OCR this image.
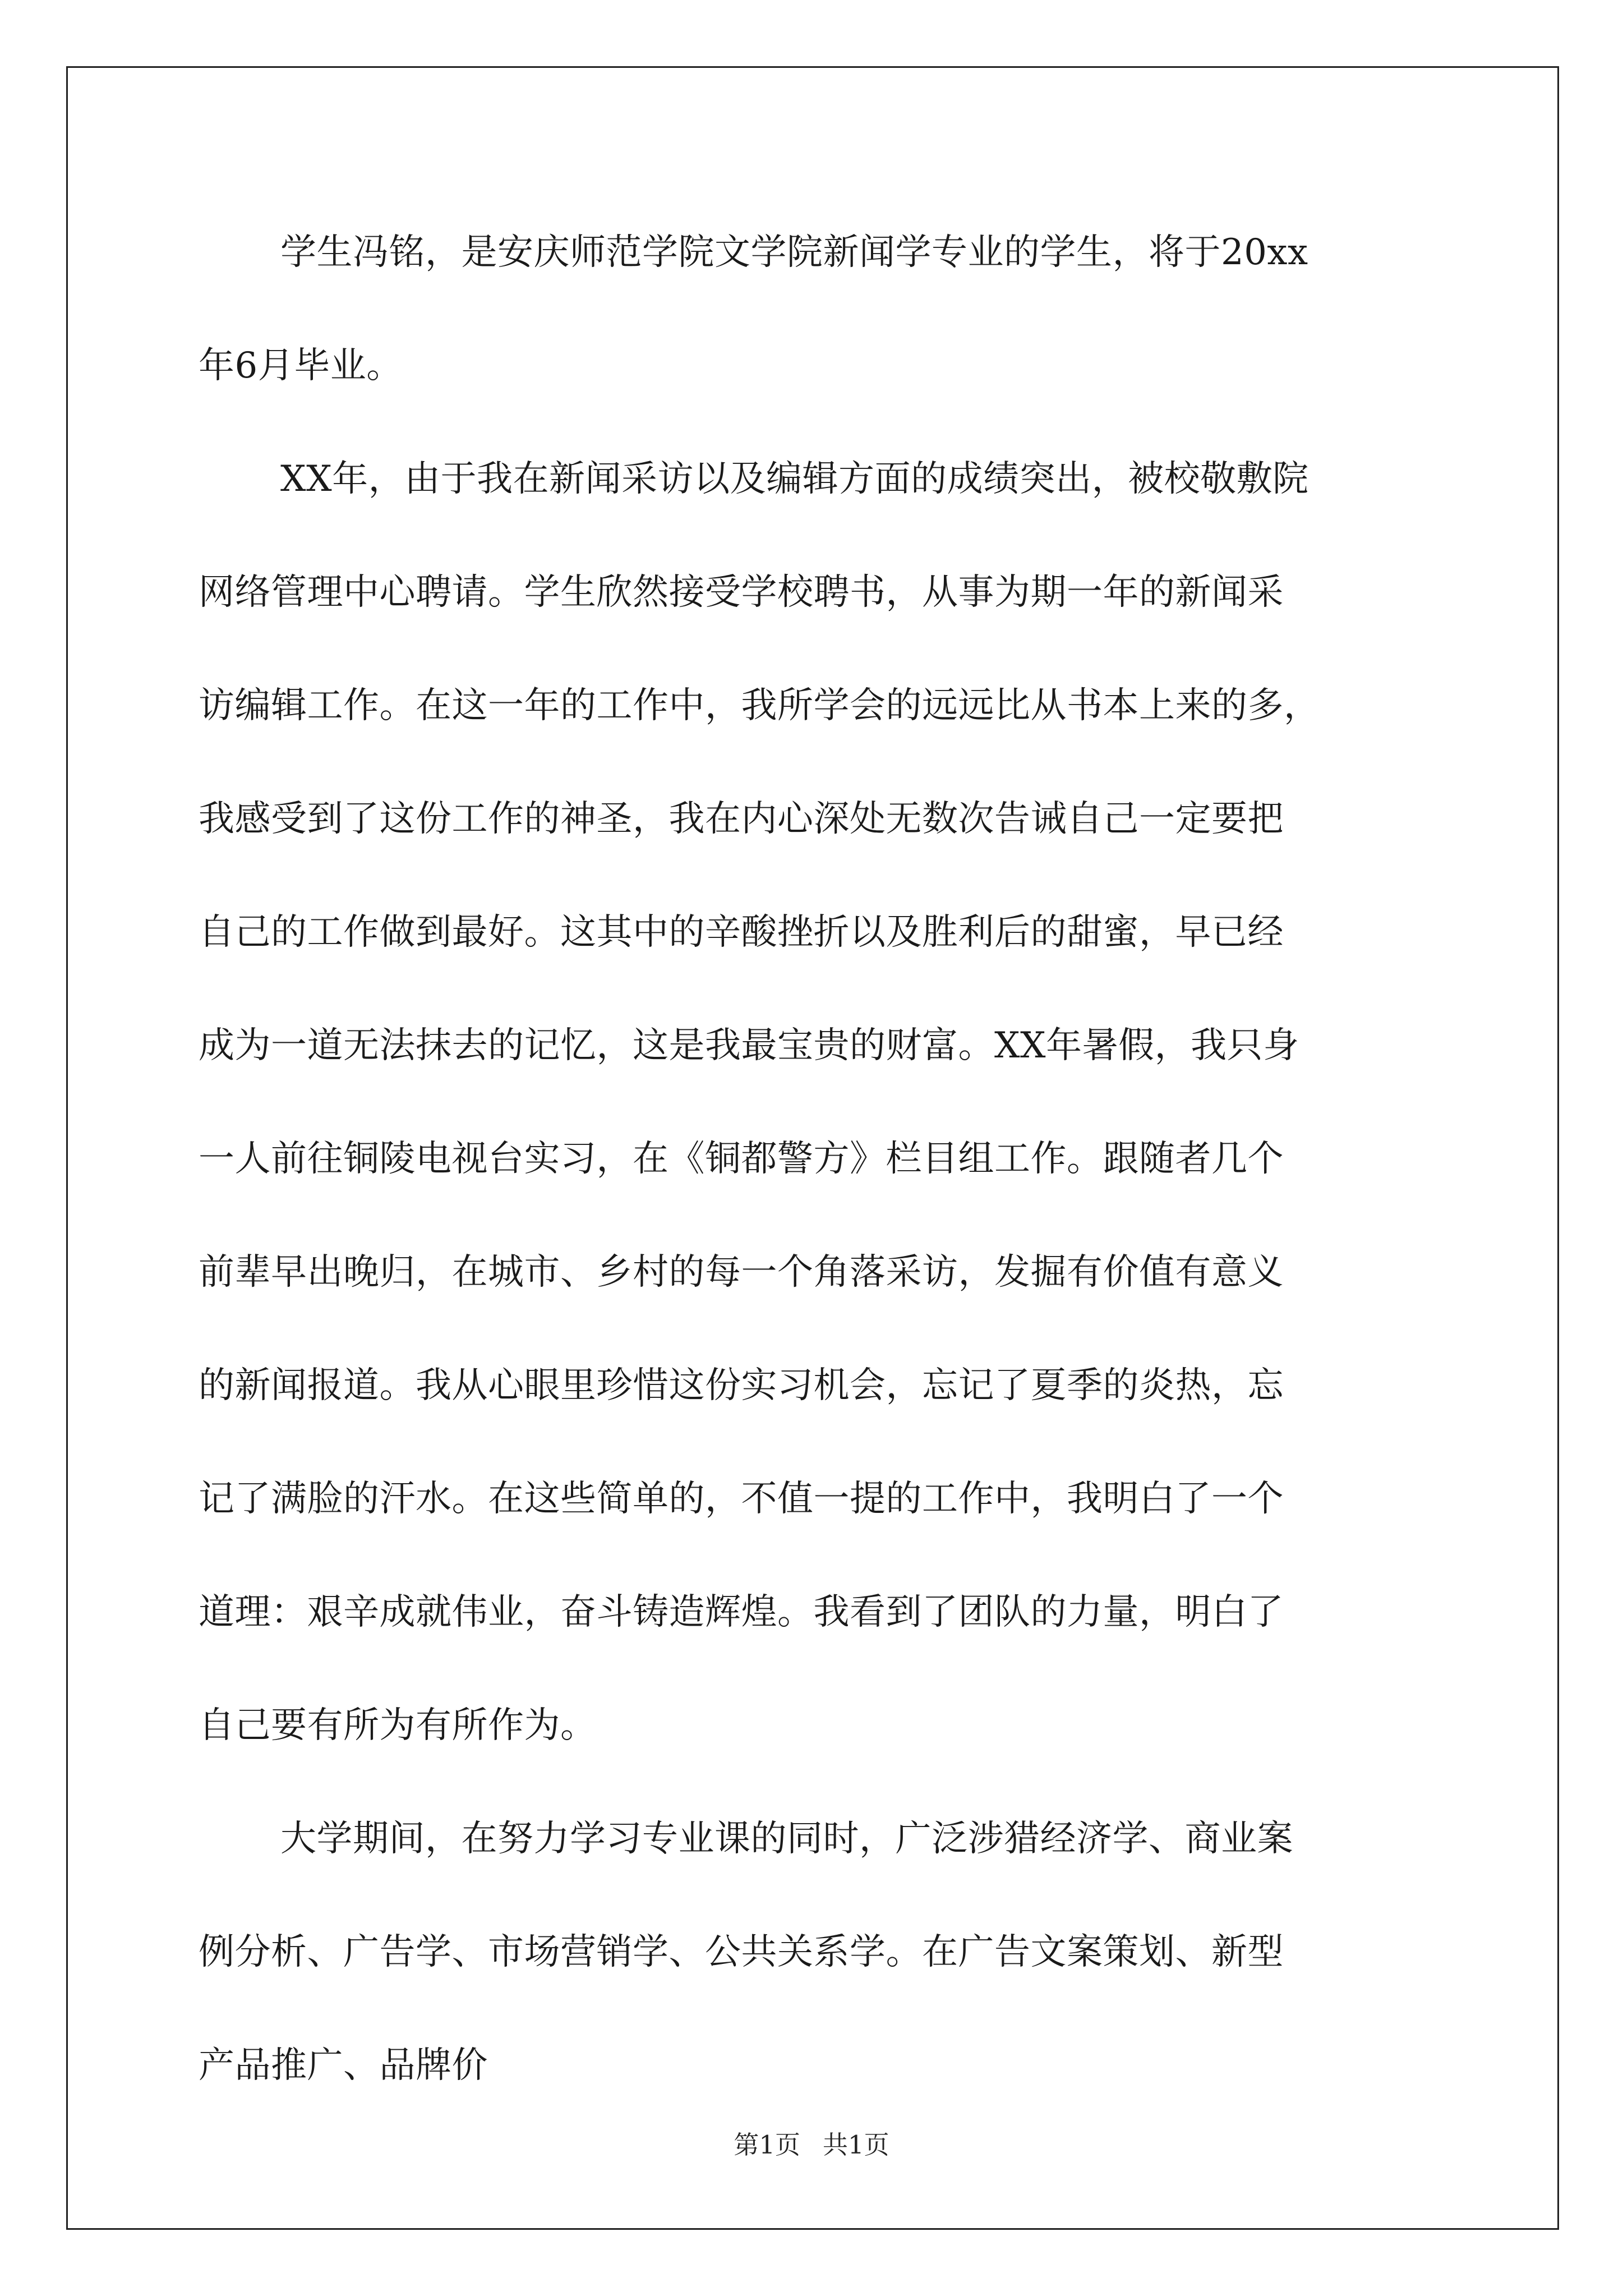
学生冯铭，是安庆师范学院文学院新闻学专业的学生，将于20xx
年6月毕业。
XX年，由于我在新闻采访以及编辑方面的成绩突出，被校敬敷院
网络管理中心聘请。学生欣然接受学校聘书，从事为期一年的新闻采
访编辑工作。在这一年的工作中，我所学会的远远比从书本上来的多，
我感受到了这份工作的神圣，我在内心深处无数次告诫自己一定要把
自己的工作做到最好。这其中的辛酸挫折以及胜利后的甜蜜，早已经
成为一道无法抹去的记忆，这是我最宝贵的财富。XX年暑假，我只身
一人前往铜陵电视台实习，在《铜都警方》栏目组工作。跟随者几个
前辈早出晚归，在城市、乡村的每一个角落采访，发掘有价值有意义
的新闻报道。我从心眼里珍惜这份实习机会，忘记了夏季的炎热，忘
记了满脸的汗水。在这些简单的，不值一提的工作中，我明白了一个
道理：艰辛成就伟业，奋斗铸造辉煌。我看到了团队的力量，明白了
自己要有所为有所作为。
大学期间，在努力学习专业课的同时，广泛涉猎经济学、商业案
例分析、广告学、市场营销学、公共关系学。在广告文案策划、新型
产品推广、品牌价
第1页 共1页
